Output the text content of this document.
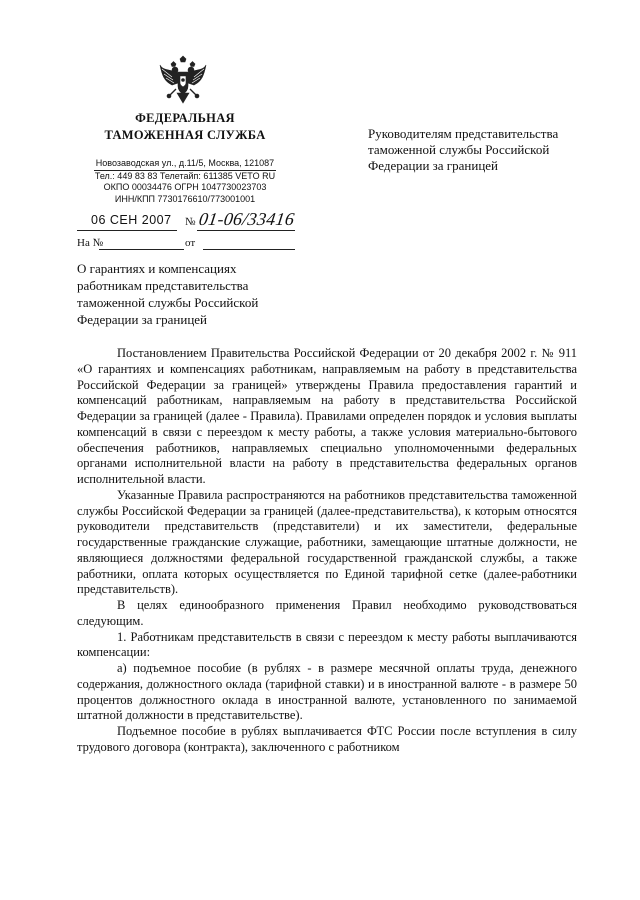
ФЕДЕРАЛЬНАЯ
ТАМОЖЕННАЯ СЛУЖБА
Новозаводская ул., д.11/5, Москва, 121087
Тел.: 449 83 83 Телетайп: 611385 VETO RU
ОКПО 00034476 ОГРН 1047730023703
ИНН/КПП 7730176610/773001001
06 СЕН 2007 № 01-06/33416
На №	от
Руководителям представительства
таможенной службы Российской
Федерации за границей
О гарантиях и компенсациях
работникам представительства
таможенной службы Российской
Федерации за границей

Постановлением Правительства Российской Федерации от 20 декабря 2002 г. № 911 «О гарантиях и компенсациях работникам, направляемым на работу в представительства Российской Федерации за границей» утверждены Правила предоставления гарантий и компенсаций работникам, направляемым на работу в представительства Российской Федерации за границей (далее - Правила). Правилами определен порядок и условия выплаты компенсаций в связи с переездом к месту работы, а также условия материально-бытового обеспечения работников, направляемых специально уполномоченными федеральных органами исполнительной власти на работу в представительства федеральных органов исполнительной власти.

Указанные Правила распространяются на работников представительства таможенной службы Российской Федерации за границей (далее-представительства), к которым относятся руководители представительств (представители) и их заместители, федеральные государственные гражданские служащие, работники, замещающие штатные должности, не являющиеся должностями федеральной государственной гражданской службы, а также работники, оплата которых осуществляется по Единой тарифной сетке (далее-работники представительств).

В целях единообразного применения Правил необходимо руководствоваться следующим.

1. Работникам представительств в связи с переездом к месту работы выплачиваются компенсации:

а) подъемное пособие (в рублях - в размере месячной оплаты труда, денежного содержания, должностного оклада (тарифной ставки) и в иностранной валюте - в размере 50 процентов должностного оклада в иностранной валюте, установленного по занимаемой штатной должности в представительстве).

Подъемное пособие в рублях выплачивается ФТС России после вступления в силу трудового договора (контракта), заключенного с работником
